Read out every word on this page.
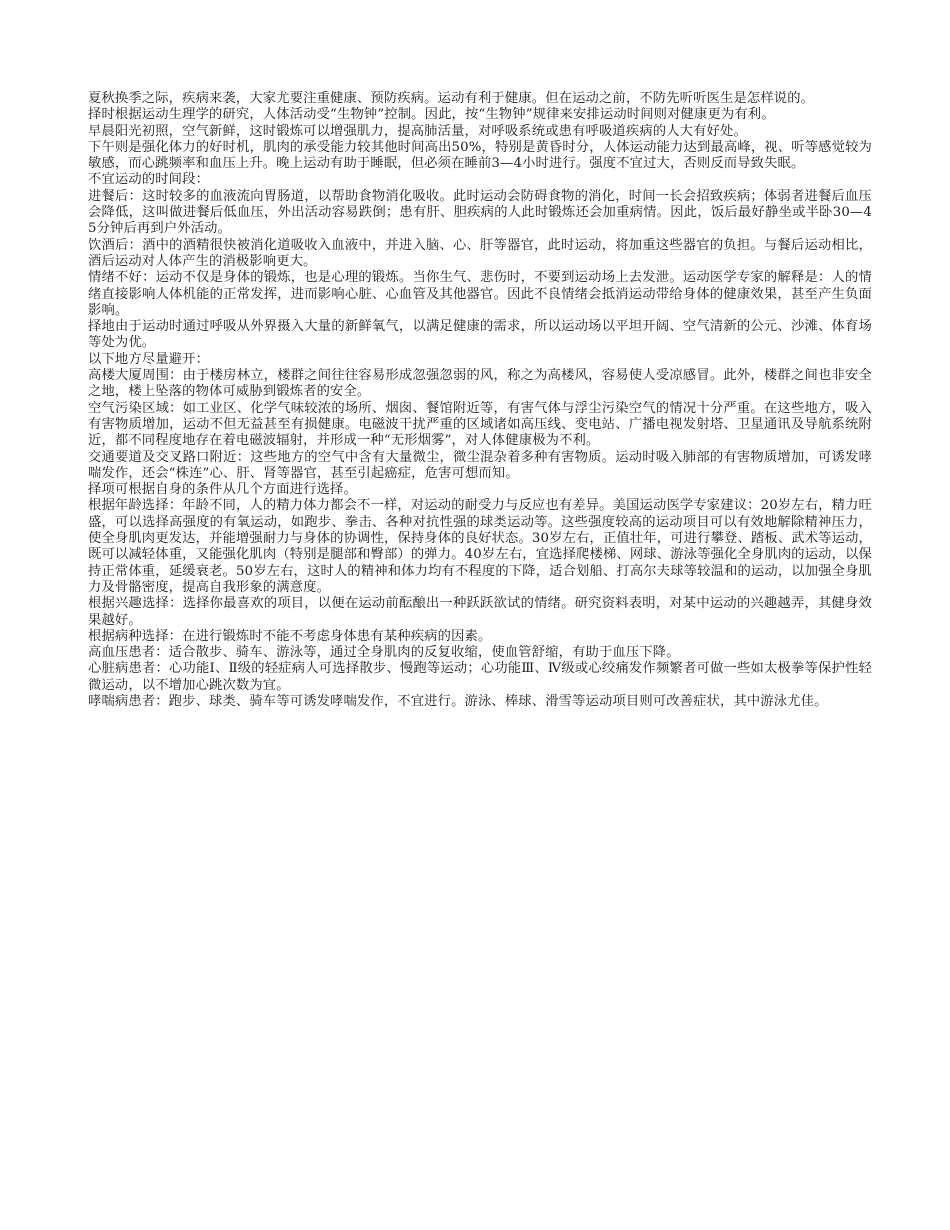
夏秋换季之际，疾病来袭，大家尤要注重健康、预防疾病。运动有利于健康。但在运动之前，不防先听听医生是怎样说的。

择时根据运动生理学的研究，人体活动受“生物钟”控制。因此，按“生物钟”规律来安排运动时间则对健康更为有利。

早晨阳光初照，空气新鲜，这时锻炼可以增强肌力，提高肺活量，对呼吸系统或患有呼吸道疾病的人大有好处。

下午则是强化体力的好时机，肌肉的承受能力较其他时间高出50%，特别是黄昏时分，人体运动能力达到最高峰，视、听等感觉较为敏感，而心跳频率和血压上升。晚上运动有助于睡眠，但必须在睡前3—4小时进行。强度不宜过大，否则反而导致失眠。

不宜运动的时间段：

进餐后：这时较多的血液流向胃肠道，以帮助食物消化吸收。此时运动会防碍食物的消化，时间一长会招致疾病；体弱者进餐后血压会降低，这叫做进餐后低血压，外出活动容易跌倒；患有肝、胆疾病的人此时锻炼还会加重病情。因此，饭后最好静坐或半卧30—45分钟后再到户外活动。

饮酒后：酒中的酒精很快被消化道吸收入血液中，并进入脑、心、肝等器官，此时运动，将加重这些器官的负担。与餐后运动相比，酒后运动对人体产生的消极影响更大。

情绪不好：运动不仅是身体的锻炼，也是心理的锻炼。当你生气、悲伤时，不要到运动场上去发泄。运动医学专家的解释是：人的情绪直接影响人体机能的正常发挥，进而影响心脏、心血管及其他器官。因此不良情绪会抵消运动带给身体的健康效果，甚至产生负面影响。

择地由于运动时通过呼吸从外界摄入大量的新鲜氧气，以满足健康的需求，所以运动场以平坦开阔、空气清新的公元、沙滩、体育场等处为优。

以下地方尽量避开：

高楼大厦周围：由于楼房林立，楼群之间往往容易形成忽强忽弱的风，称之为高楼风，容易使人受凉感冒。此外，楼群之间也非安全之地，楼上坠落的物体可威胁到锻炼者的安全。

空气污染区域：如工业区、化学气味较浓的场所、烟囱、餐馆附近等，有害气体与浮尘污染空气的情况十分严重。在这些地方，吸入有害物质增加，运动不但无益甚至有损健康。电磁波干扰严重的区域诸如高压线、变电站、广播电视发射塔、卫星通讯及导航系统附近，都不同程度地存在着电磁波辐射，并形成一种“无形烟雾”，对人体健康极为不利。

交通要道及交叉路口附近：这些地方的空气中含有大量微尘，微尘混杂着多种有害物质。运动时吸入肺部的有害物质增加，可诱发哮喘发作，还会“株连”心、肝、肾等器官，甚至引起癌症，危害可想而知。

择项可根据自身的条件从几个方面进行选择。

根据年龄选择：年龄不同，人的精力体力都会不一样，对运动的耐受力与反应也有差异。美国运动医学专家建议：20岁左右，精力旺盛，可以选择高强度的有氧运动，如跑步、拳击、各种对抗性强的球类运动等。这些强度较高的运动项目可以有效地解除精神压力，使全身肌肉更发达，并能增强耐力与身体的协调性，保持身体的良好状态。30岁左右，正值壮年，可进行攀登、踏板、武术等运动，既可以减轻体重，又能强化肌肉（特别是腿部和臀部）的弹力。40岁左右，宜选择爬楼梯、网球、游泳等强化全身肌肉的运动，以保持正常体重，延缓衰老。50岁左右，这时人的精神和体力均有不程度的下降，适合划船、打高尔夫球等较温和的运动，以加强全身肌力及骨骼密度，提高自我形象的满意度。

根据兴趣选择：选择你最喜欢的项目，以便在运动前酝酿出一种跃跃欲试的情绪。研究资料表明，对某中运动的兴趣越弄，其健身效果越好。

根据病种选择：在进行锻炼时不能不考虑身体患有某种疾病的因素。

高血压患者：适合散步、骑车、游泳等，通过全身肌肉的反复收缩，使血管舒缩，有助于血压下降。

心脏病患者：心功能Ⅰ、Ⅱ级的轻症病人可选择散步、慢跑等运动；心功能Ⅲ、Ⅳ级或心绞痛发作频繁者可做一些如太极拳等保护性轻微运动，以不增加心跳次数为宜。

哮喘病患者：跑步、球类、骑车等可诱发哮喘发作，不宜进行。游泳、棒球、滑雪等运动项目则可改善症状，其中游泳尤佳。
